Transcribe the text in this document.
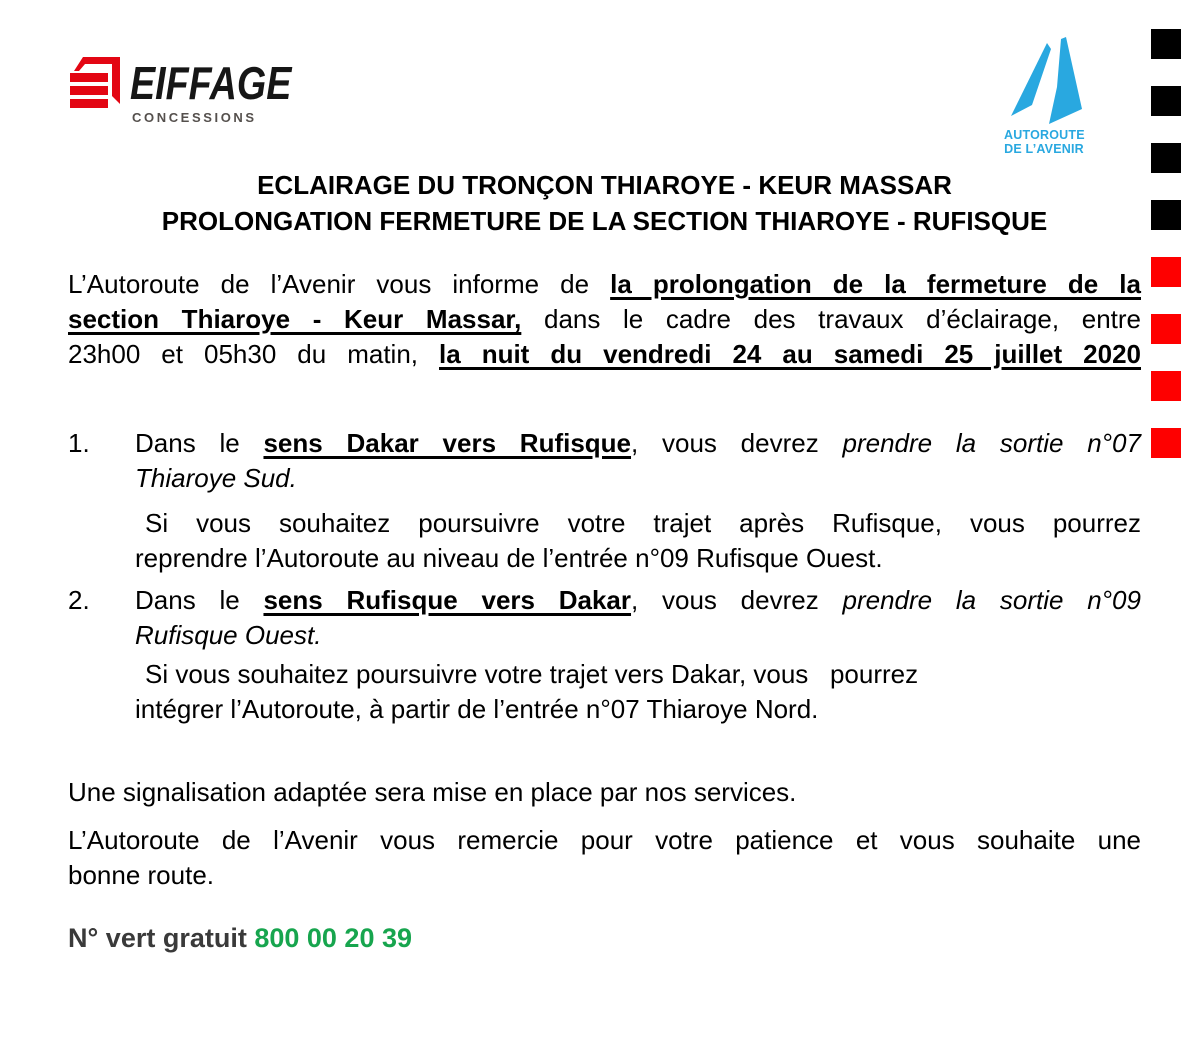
EIFFAGE
CONCESSIONS
AUTOROUTE
DE L’AVENIR
ECLAIRAGE DU TRONÇON THIAROYE - KEUR MASSAR
PROLONGATION FERMETURE DE LA SECTION THIAROYE - RUFISQUE
L’Autoroute de l’Avenir vous informe de la prolongation de la fermeture de la
section Thiaroye - Keur Massar, dans le cadre des travaux d’éclairage, entre
23h00 et 05h30 du matin, la nuit du vendredi 24 au samedi 25 juillet 2020
1.	Dans le sens Dakar vers Rufisque, vous devrez prendre la sortie n°07
Thiaroye Sud.
Si vous souhaitez poursuivre votre trajet après Rufisque, vous pourrez
reprendre l’Autoroute au niveau de l’entrée n°09 Rufisque Ouest.
2.	Dans le sens Rufisque vers Dakar, vous devrez prendre la sortie n°09
Rufisque Ouest.
Si vous souhaitez poursuivre votre trajet vers Dakar, vous   pourrez
intégrer l’Autoroute, à partir de l’entrée n°07 Thiaroye Nord.
Une signalisation adaptée sera mise en place par nos services.
L’Autoroute de l’Avenir vous remercie pour votre patience et vous souhaite une
bonne route.
N° vert gratuit 800 00 20 39
